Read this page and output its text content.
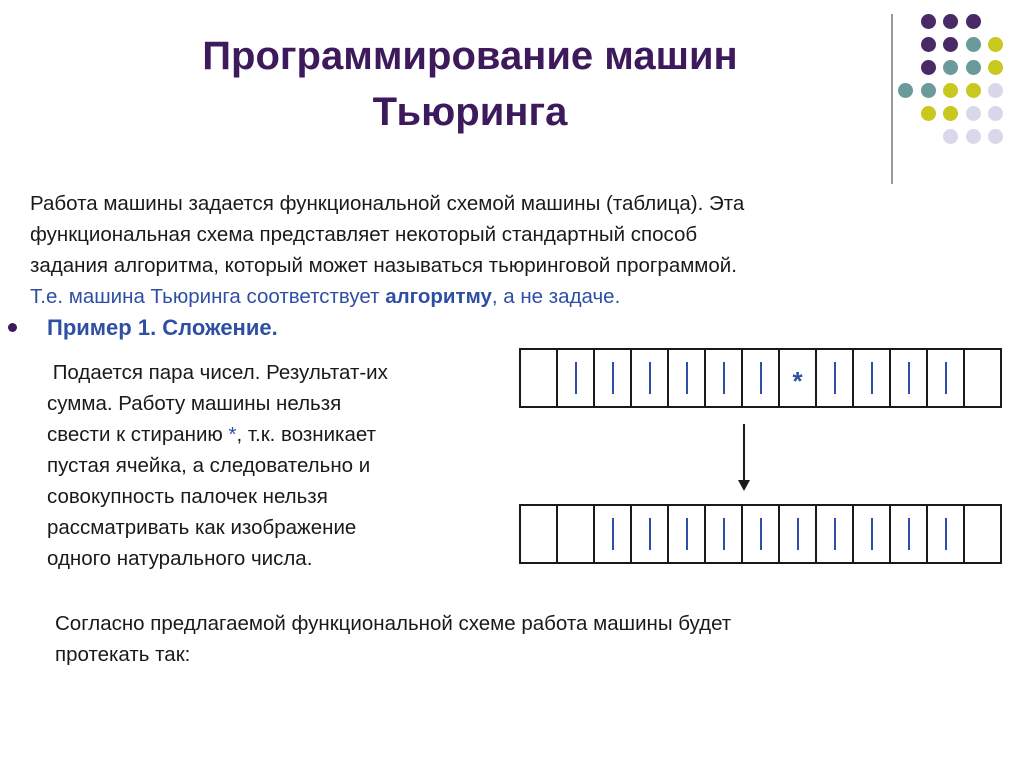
Программирование машин
Тьюринга
Работа машины задается функциональной схемой машины (таблица). Эта
функциональная схема представляет некоторый стандартный способ
задания алгоритма, который может называться тьюринговой программой.
Т.е. машина Тьюринга соответствует алгоритму, а не задаче.
Пример 1. Сложение.
Подается пара чисел. Результат-их
сумма. Работу машины нельзя
свести к стиранию *, т.к. возникает
пустая ячейка, а следовательно и
совокупность палочек нельзя
рассматривать как изображение
одного натурального числа.
*
Согласно предлагаемой функциональной схеме работа машины будет
протекать так:
